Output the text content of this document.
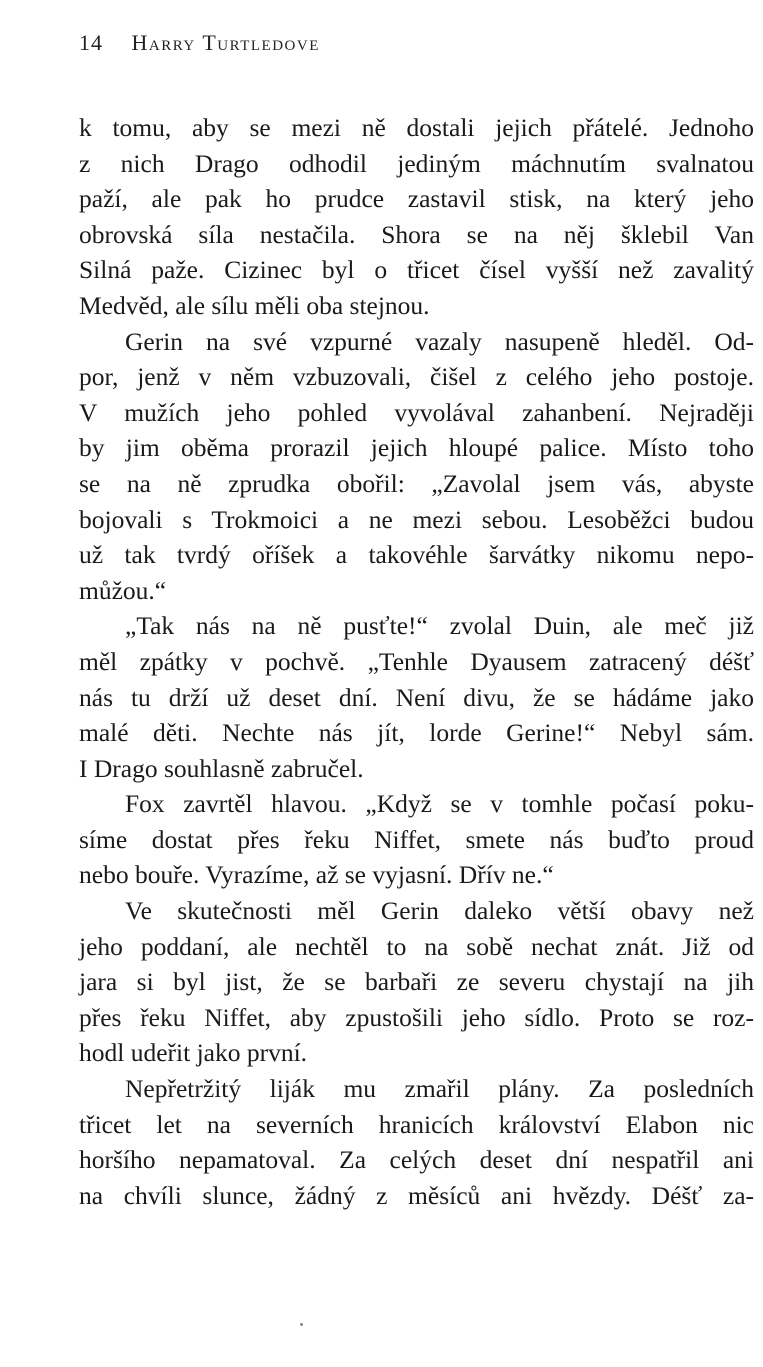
14 Harry Turtledove
k tomu, aby se mezi ně dostali jejich přátelé. Jednoho
z nich Drago odhodil jediným máchnutím svalnatou
paží, ale pak ho prudce zastavil stisk, na který jeho
obrovská síla nestačila. Shora se na něj šklebil Van
Silná paže. Cizinec byl o třicet čísel vyšší než zavalitý
Medvěd, ale sílu měli oba stejnou.
Gerin na své vzpurné vazaly nasupeně hleděl. Od-
por, jenž v něm vzbuzovali, čišel z celého jeho postoje.
V mužích jeho pohled vyvolával zahanbení. Nejraději
by jim oběma prorazil jejich hloupé palice. Místo toho
se na ně zprudka obořil: „Zavolal jsem vás, abyste
bojovali s Trokmoici a ne mezi sebou. Lesoběžci budou
už tak tvrdý oříšek a takovéhle šarvátky nikomu nepo-
můžou.“
„Tak nás na ně pusťte!“ zvolal Duin, ale meč již
měl zpátky v pochvě. „Tenhle Dyausem zatracený déšť
nás tu drží už deset dní. Není divu, že se hádáme jako
malé děti. Nechte nás jít, lorde Gerine!“ Nebyl sám.
I Drago souhlasně zabručel.
Fox zavrtěl hlavou. „Když se v tomhle počasí poku-
síme dostat přes řeku Niffet, smete nás buďto proud
nebo bouře. Vyrazíme, až se vyjasní. Dřív ne.“
Ve skutečnosti měl Gerin daleko větší obavy než
jeho poddaní, ale nechtěl to na sobě nechat znát. Již od
jara si byl jist, že se barbaři ze severu chystají na jih
přes řeku Niffet, aby zpustošili jeho sídlo. Proto se roz-
hodl udeřit jako první.
Nepřetržitý liják mu zmařil plány. Za posledních
třicet let na severních hranicích království Elabon nic
horšího nepamatoval. Za celých deset dní nespatřil ani
na chvíli slunce, žádný z měsíců ani hvězdy. Déšť za-
